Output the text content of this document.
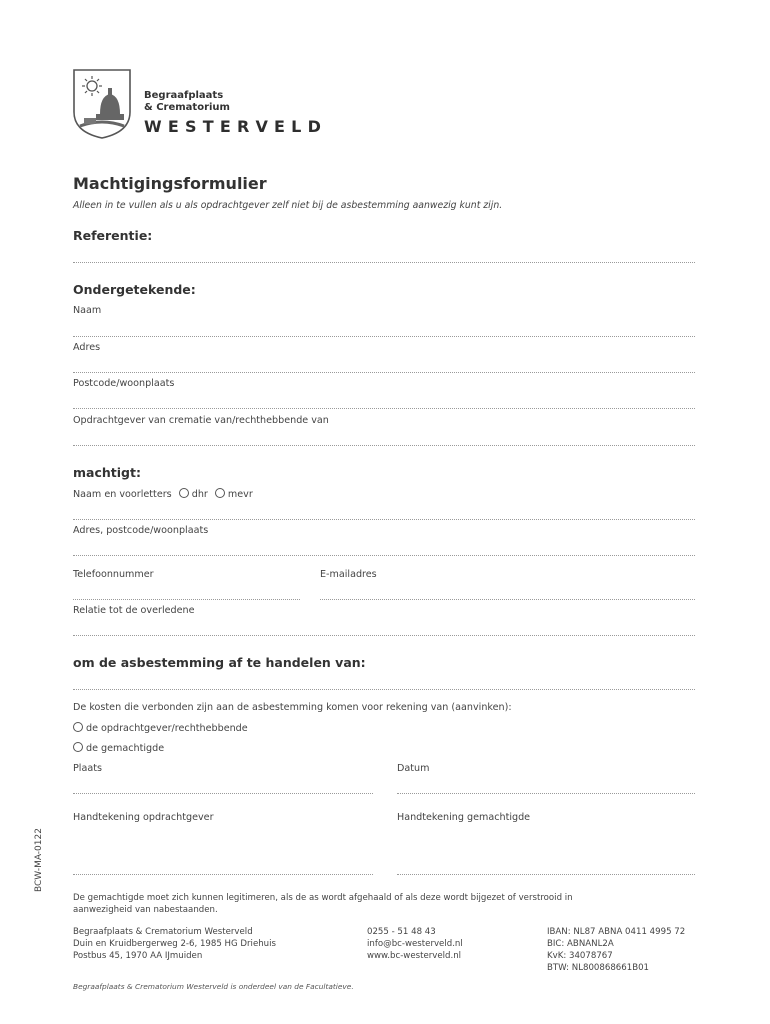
Begraafplaats
& Crematorium
WESTERVELD
Machtigingsformulier
Alleen in te vullen als u als opdrachtgever zelf niet bij de asbestemming aanwezig kunt zijn.
Referentie:
Ondergetekende:
Naam
Adres
Postcode/woonplaats
Opdrachtgever van crematie van/rechthebbende van
machtigt:
Naam en voorletters dhr mevr
Adres, postcode/woonplaats
Telefoonnummer	E-mailadres
Relatie tot de overledene
om de asbestemming af te handelen van:
De kosten die verbonden zijn aan de asbestemming komen voor rekening van (aanvinken):
de opdrachtgever/rechthebbende
de gemachtigde
Plaats	Datum
Handtekening opdrachtgever	Handtekening gemachtigde
De gemachtigde moet zich kunnen legitimeren, als de as wordt afgehaald of als deze wordt bijgezet of verstrooid in
aanwezigheid van nabestaanden.
Begraafplaats & Crematorium Westerveld
Duin en Kruidbergerweg 2-6, 1985 HG Driehuis
Postbus 45, 1970 AA IJmuiden
0255 - 51 48 43
info@bc-westerveld.nl
www.bc-westerveld.nl
IBAN: NL87 ABNA 0411 4995 72
BIC: ABNANL2A
KvK: 34078767
BTW: NL800868661B01
Begraafplaats & Crematorium Westerveld is onderdeel van de Facultatieve.
BCW-MA-0122
